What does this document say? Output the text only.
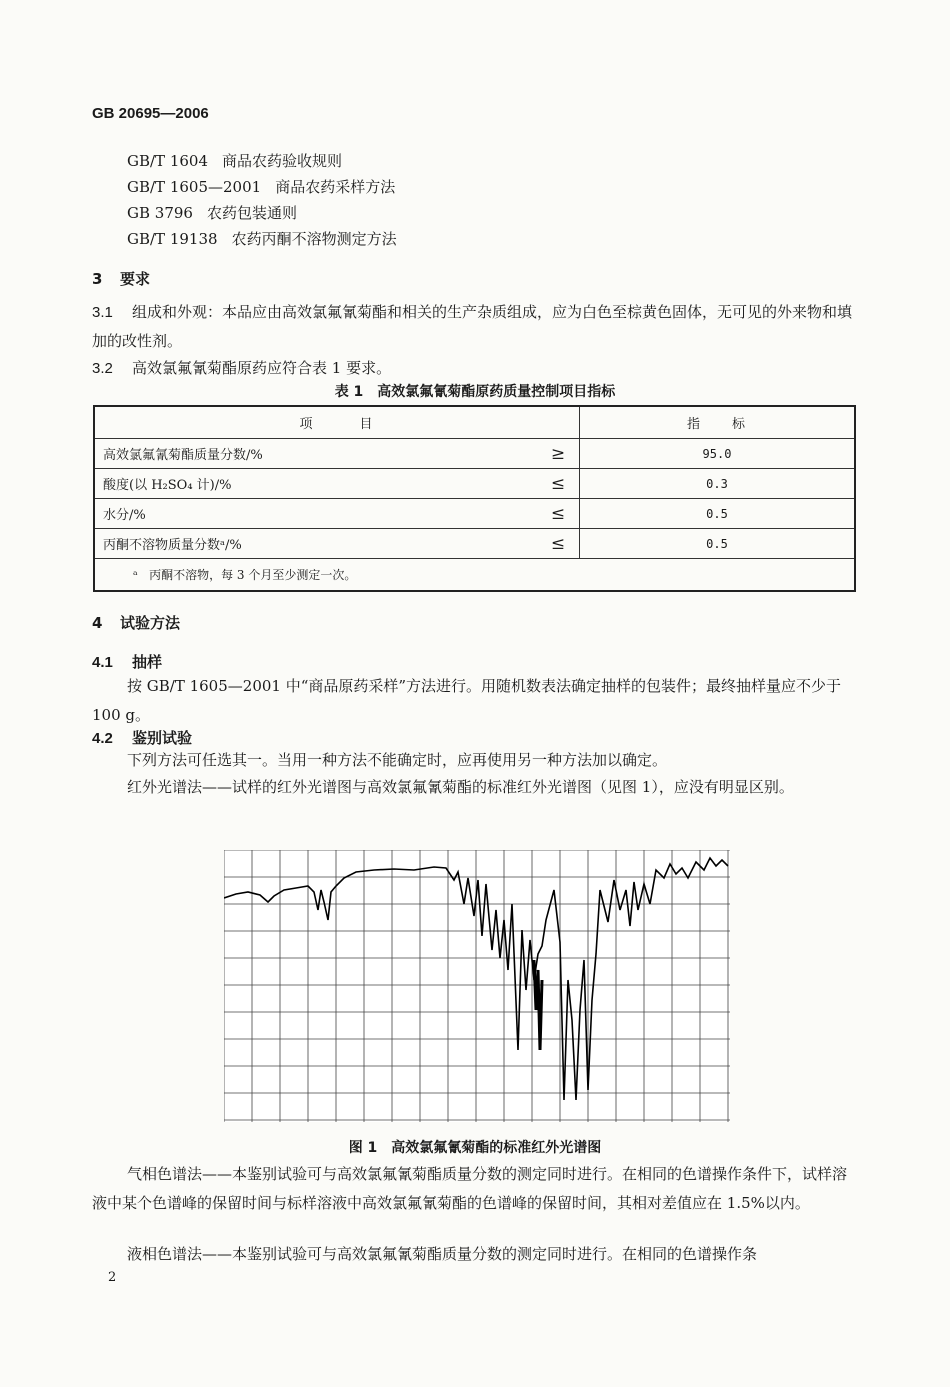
GB 20695—2006
GB/T 1604 商品农药验收规则
GB/T 1605—2001 商品农药采样方法
GB 3796 农药包装通则
GB/T 19138 农药丙酮不溶物测定方法
3 要求
3.1 组成和外观：本品应由高效氯氟氰菊酯和相关的生产杂质组成，应为白色至棕黄色固体，无可见的外来物和填加的改性剂。
3.2 高效氯氟氰菊酯原药应符合表 1 要求。
表 1　高效氯氟氰菊酯原药质量控制项目指标
项　　　目		指　　标
高效氯氟氰菊酯质量分数/%	≥	95.0
酸度(以 H₂SO₄ 计)/%	≤	0.3
水分/%	≤	0.5
丙酮不溶物质量分数ᵃ/%	≤	0.5
ᵃ 丙酮不溶物，每 3 个月至少测定一次。		
4 试验方法
4.1 抽样
按 GB/T 1605—2001 中“商品原药采样”方法进行。用随机数表法确定抽样的包装件；最终抽样量应不少于 100 g。
4.2 鉴别试验
下列方法可任选其一。当用一种方法不能确定时，应再使用另一种方法加以确定。
红外光谱法——试样的红外光谱图与高效氯氟氰菊酯的标准红外光谱图（见图 1），应没有明显区别。
图 1　高效氯氟氰菊酯的标准红外光谱图
气相色谱法——本鉴别试验可与高效氯氟氰菊酯质量分数的测定同时进行。在相同的色谱操作条件下，试样溶液中某个色谱峰的保留时间与标样溶液中高效氯氟氰菊酯的色谱峰的保留时间，其相对差值应在 1.5%以内。
液相色谱法——本鉴别试验可与高效氯氟氰菊酯质量分数的测定同时进行。在相同的色谱操作条
2
